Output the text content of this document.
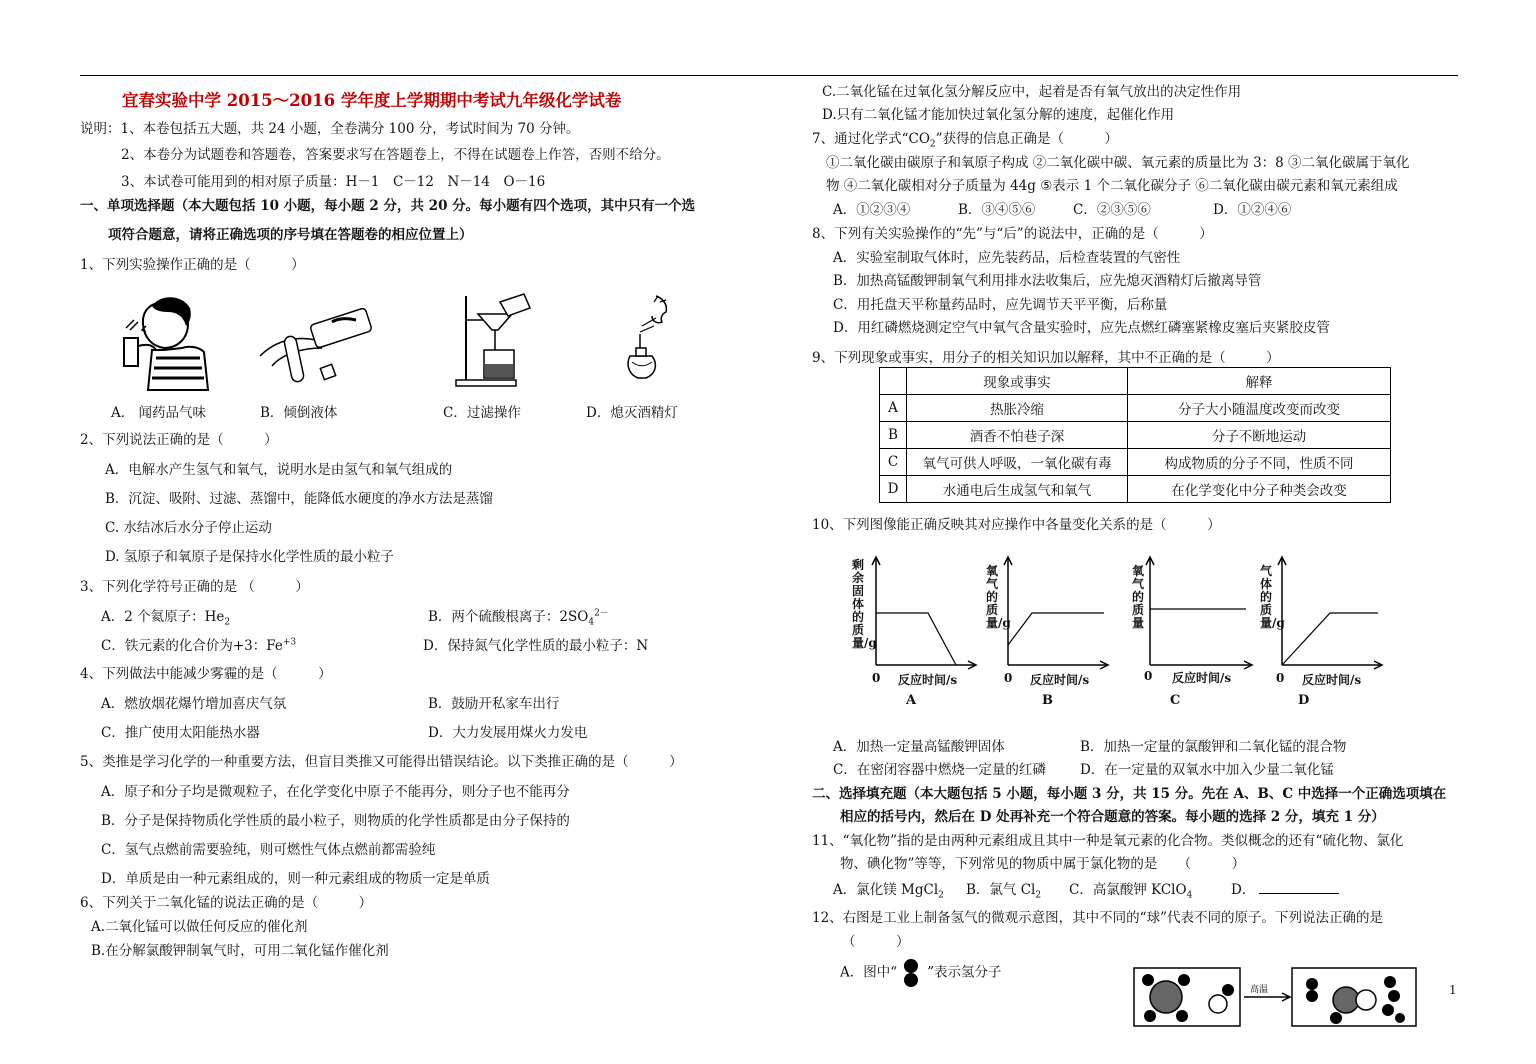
宜春实验中学 2015～2016 学年度上学期期中考试九年级化学试卷
说明：1、本卷包括五大题，共 24 小题，全卷满分 100 分，考试时间为 70 分钟。
2、本卷分为试题卷和答题卷，答案要求写在答题卷上，不得在试题卷上作答，否则不给分。
3、本试卷可能用到的相对原子质量：H－1　C－12　N－14　O－16
一、单项选择题（本大题包括 10 小题，每小题 2 分，共 20 分。每小题有四个选项，其中只有一个选
项符合题意，请将正确选项的序号填在答题卷的相应位置上）
1、下列实验操作正确的是（　　　）
A． 闻药品气味	B．倾倒液体	C．过滤操作	D．熄灭酒精灯
2、下列说法正确的是（　　　）
A．电解水产生氢气和氧气，说明水是由氢气和氧气组成的
B．沉淀、吸附、过滤、蒸馏中，能降低水硬度的净水方法是蒸馏
C. 水结冰后水分子停止运动
D. 氢原子和氧原子是保持水化学性质的最小粒子
3、下列化学符号正确的是 （　　　）
A．2 个氦原子：$He_2$	B．两个硫酸根离子：$2SO_4^{2-}$
C．铁元素的化合价为+3：$Fe^{+3}$	D．保持氮气化学性质的最小粒子：N
4、下列做法中能减少雾霾的是（　　　）
A．燃放烟花爆竹增加喜庆气氛	B．鼓励开私家车出行
C．推广使用太阳能热水器	D．大力发展用煤火力发电
5、类推是学习化学的一种重要方法，但盲目类推又可能得出错误结论。以下类推正确的是（　　　）
A．原子和分子均是微观粒子，在化学变化中原子不能再分，则分子也不能再分
B．分子是保持物质化学性质的最小粒子，则物质的化学性质都是由分子保持的
C．氢气点燃前需要验纯，则可燃性气体点燃前都需验纯
D．单质是由一种元素组成的，则一种元素组成的物质一定是单质
6、下列关于二氧化锰的说法正确的是（　　　）
A.二氧化锰可以做任何反应的催化剂
B.在分解氯酸钾制氧气时，可用二氧化锰作催化剂
C.二氧化锰在过氧化氢分解反应中，起着是否有氧气放出的决定性作用
D.只有二氧化锰才能加快过氧化氢分解的速度，起催化作用
7、通过化学式“$CO_2$”获得的信息正确是（　　　）
①二氧化碳由碳原子和氧原子构成 ②二氧化碳中碳、氧元素的质量比为 3：8 ③二氧化碳属于氧化
物 ④二氧化碳相对分子质量为 44g ⑤表示 1 个二氧化碳分子 ⑥二氧化碳由碳元素和氧元素组成
A．①②③④	B．③④⑤⑥	C．②③⑤⑥	D．①②④⑥
8、下列有关实验操作的“先”与“后”的说法中，正确的是（　　　）
A．实验室制取气体时，应先装药品，后检查装置的气密性
B．加热高锰酸钾制氧气利用排水法收集后，应先熄灭酒精灯后撤离导管
C．用托盘天平称量药品时，应先调节天平平衡，后称量
D．用红磷燃烧测定空气中氧气含量实验时，应先点燃红磷塞紧橡皮塞后夹紧胶皮管
9、下列现象或事实，用分子的相关知识加以解释，其中不正确的是（　　　）
	现象或事实	解释
A	热胀冷缩	分子大小随温度改变而改变
B	酒香不怕巷子深	分子不断地运动
C	氧气可供人呼吸，一氧化碳有毒	构成物质的分子不同，性质不同
D	水通电后生成氢气和氧气	在化学变化中分子种类会改变
10、下列图像能正确反映其对应操作中各量变化关系的是（　　　）
剩余固体的质量/g
0 反应时间/s
A
氧气的质量/g
0 反应时间/s
B
氧气的质量
0 反应时间/s
C
气体的质量/g
0 反应时间/s
D
A．加热一定量高锰酸钾固体	B．加热一定量的氯酸钾和二氧化锰的混合物
C．在密闭容器中燃烧一定量的红磷	D．在一定量的双氧水中加入少量二氧化锰
二、选择填充题（本大题包括 5 小题，每小题 3 分，共 15 分。先在 A、B、C 中选择一个正确选项填在
相应的括号内，然后在 D 处再补充一个符合题意的答案。每小题的选择 2 分，填充 1 分）
11、“氧化物”指的是由两种元素组成且其中一种是氧元素的化合物。类似概念的还有“硫化物、氯化
物、碘化物”等等，下列常见的物质中属于氯化物的是　　（　　　）
A．氯化镁 MgCl$_2$ B．氯气 $Cl_2$ C．高氯酸钾 KClO$_4$	D．
12、右图是工业上制备氢气的微观示意图，其中不同的“球”代表不同的原子。下列说法正确的是
（　　　）
A．图中“ ”表示氢分子
高温	1
